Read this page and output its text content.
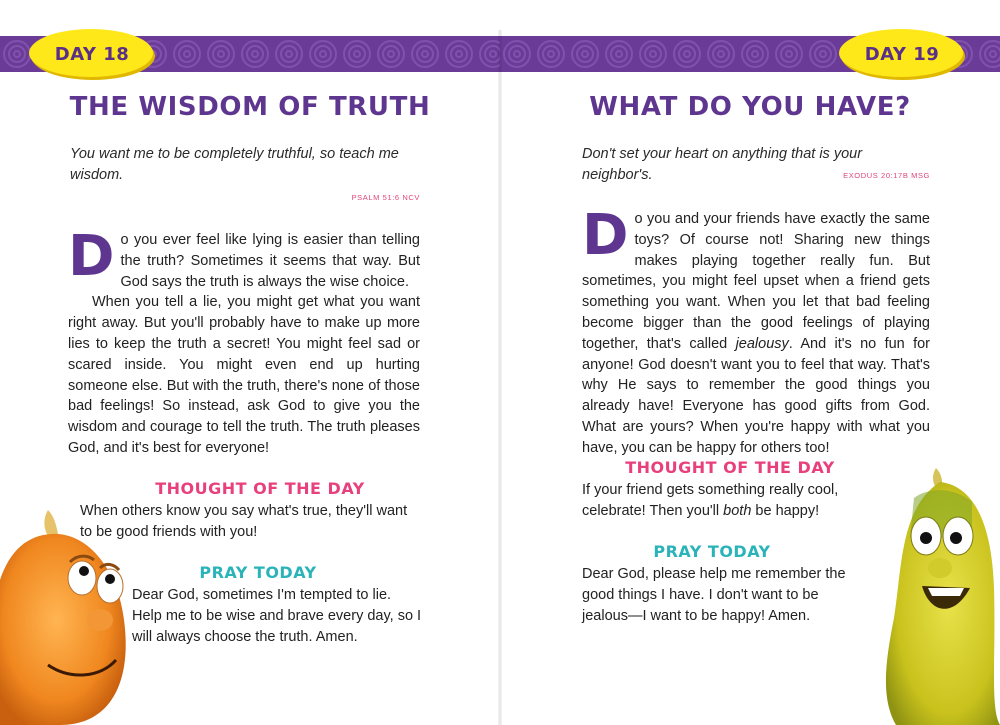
DAY 18
THE WISDOM OF TRUTH
You want me to be completely truthful, so teach me wisdom.
PSALM 51:6 NCV
Do you ever feel like lying is easier than telling the truth? Sometimes it seems that way. But God says the truth is always the wise choice.
When you tell a lie, you might get what you want right away. But you'll probably have to make up more lies to keep the truth a secret! You might feel sad or scared inside. You might even end up hurting someone else. But with the truth, there's none of those bad feelings! So instead, ask God to give you the wisdom and courage to tell the truth. The truth pleases God, and it's best for everyone!
THOUGHT OF THE DAY
When others know you say what's true, they'll want to be good friends with you!
PRAY TODAY
Dear God, sometimes I'm tempted to lie. Help me to be wise and brave every day, so I will always choose the truth. Amen.
DAY 19
WHAT DO YOU HAVE?
Don't set your heart on anything that is your neighbor's.	EXODUS 20:17B MSG
Do you and your friends have exactly the same toys? Of course not! Sharing new things makes playing together really fun. But sometimes, you might feel upset when a friend gets something you want. When you let that bad feeling become bigger than the good feelings of playing together, that's called jealousy. And it's no fun for anyone! God doesn't want you to feel that way. That's why He says to remember the good things you already have! Everyone has good gifts from God. What are yours? When you're happy with what you have, you can be happy for others too!
THOUGHT OF THE DAY
If your friend gets something really cool, celebrate! Then you'll both be happy!
PRAY TODAY
Dear God, please help me remember the good things I have. I don't want to be jealous—I want to be happy! Amen.
